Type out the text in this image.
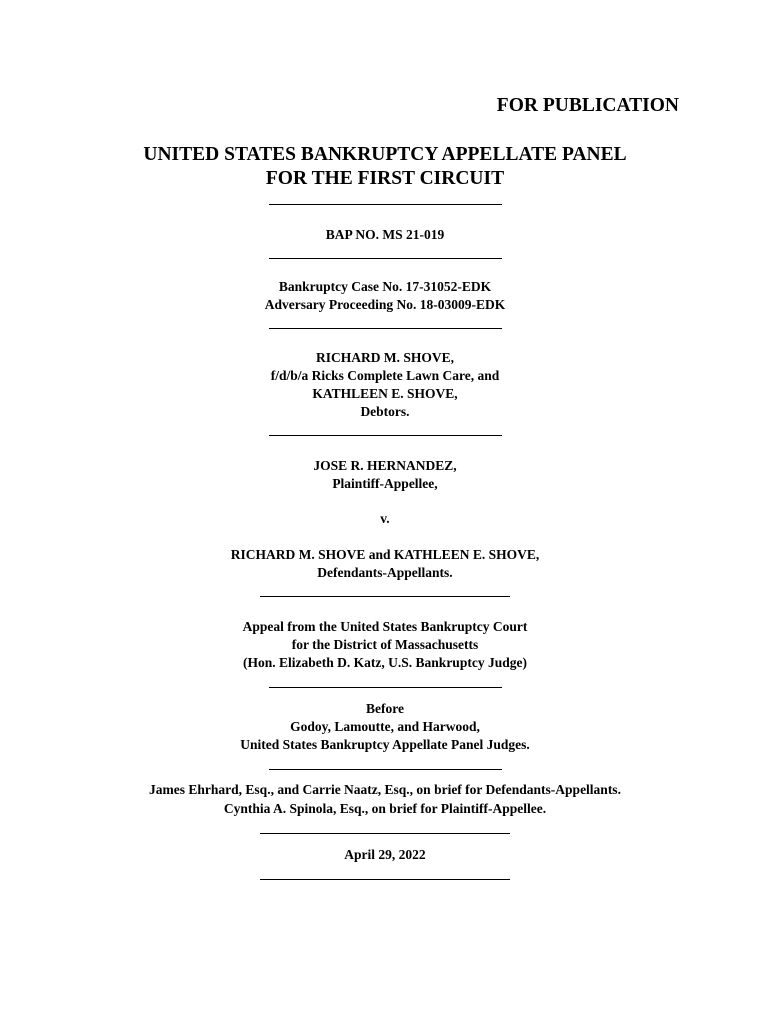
FOR PUBLICATION
UNITED STATES BANKRUPTCY APPELLATE PANEL
FOR THE FIRST CIRCUIT
BAP NO. MS 21-019
Bankruptcy Case No. 17-31052-EDK
Adversary Proceeding No. 18-03009-EDK
RICHARD M. SHOVE,
f/d/b/a Ricks Complete Lawn Care, and
KATHLEEN E. SHOVE,
Debtors.
JOSE R. HERNANDEZ,
Plaintiff-Appellee,
v.
RICHARD M. SHOVE and KATHLEEN E. SHOVE,
Defendants-Appellants.
Appeal from the United States Bankruptcy Court
for the District of Massachusetts
(Hon. Elizabeth D. Katz, U.S. Bankruptcy Judge)
Before
Godoy, Lamoutte, and Harwood,
United States Bankruptcy Appellate Panel Judges.
James Ehrhard, Esq., and Carrie Naatz, Esq., on brief for Defendants-Appellants.
Cynthia A. Spinola, Esq., on brief for Plaintiff-Appellee.
April 29, 2022
